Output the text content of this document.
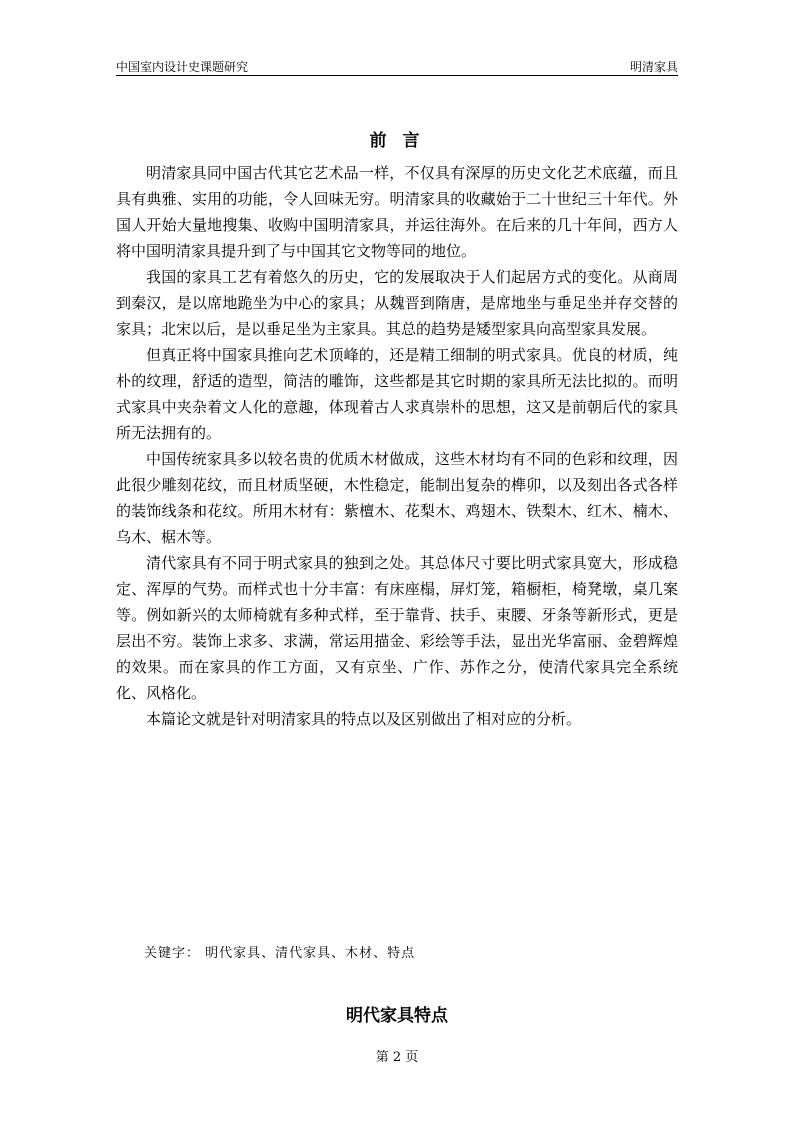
中国室内设计史课题研究	明清家具
前 言

明清家具同中国古代其它艺术品一样，不仅具有深厚的历史文化艺术底蕴，而且具有典雅、实用的功能，令人回味无穷。明清家具的收藏始于二十世纪三十年代。外国人开始大量地搜集、收购中国明清家具，并运往海外。在后来的几十年间，西方人将中国明清家具提升到了与中国其它文物等同的地位。

我国的家具工艺有着悠久的历史，它的发展取决于人们起居方式的变化。从商周到秦汉，是以席地跪坐为中心的家具；从魏晋到隋唐，是席地坐与垂足坐并存交替的家具；北宋以后，是以垂足坐为主家具。其总的趋势是矮型家具向高型家具发展。

但真正将中国家具推向艺术顶峰的，还是精工细制的明式家具。优良的材质，纯朴的纹理，舒适的造型，简洁的雕饰，这些都是其它时期的家具所无法比拟的。而明式家具中夹杂着文人化的意趣，体现着古人求真崇朴的思想，这又是前朝后代的家具所无法拥有的。

中国传统家具多以较名贵的优质木材做成，这些木材均有不同的色彩和纹理，因此很少雕刻花纹，而且材质坚硬，木性稳定，能制出复杂的榫卯，以及刻出各式各样的装饰线条和花纹。所用木材有：紫檀木、花梨木、鸡翅木、铁梨木、红木、楠木、乌木、椐木等。

清代家具有不同于明式家具的独到之处。其总体尺寸要比明式家具宽大，形成稳定、浑厚的气势。而样式也十分丰富：有床座榻，屏灯笼，箱橱柜，椅凳墩，桌几案等。例如新兴的太师椅就有多种式样，至于靠背、扶手、束腰、牙条等新形式，更是层出不穷。装饰上求多、求满，常运用描金、彩绘等手法，显出光华富丽、金碧辉煌的效果。而在家具的作工方面，又有京坐、广作、苏作之分，使清代家具完全系统化、风格化。

本篇论文就是针对明清家具的特点以及区别做出了相对应的分析。

关键字： 明代家具、清代家具、木材、特点
明代家具特点
第 2 页
